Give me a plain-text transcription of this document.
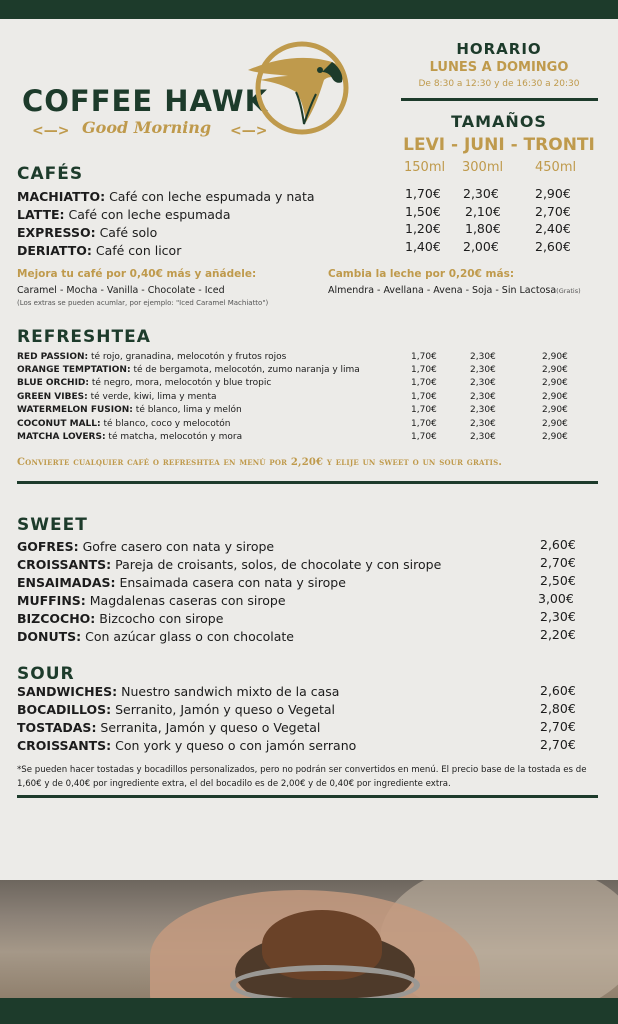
COFFEE HAWK
<—> Good Morning <—>
HORARIO
LUNES A DOMINGO
De 8:30 a 12:30 y de 16:30 a 20:30
TAMAÑOS
LEVI - JUNI - TRONTI
150ml 300ml 450ml
CAFÉS
MACHIATTO: Café con leche espumada y nata	1,70€ 2,30€	2,90€
LATTE: Café con leche espumada	1,50€ 2,10€	2,70€
EXPRESSO: Café solo	1,20€ 1,80€	2,40€
DERIATTO: Café con licor	1,40€ 2,00€	2,60€
Mejora tu café por 0,40€ más y añádele:
Caramel - Mocha - Vanilla - Chocolate - Iced
(Los extras se pueden acumlar, por ejemplo: "Iced Caramel Machiatto")
Cambia la leche por 0,20€ más:
Almendra - Avellana - Avena - Soja - Sin Lactosa(Gratis)
REFRESHTEA
RED PASSION: té rojo, granadina, melocotón y frutos rojos	1,70€	2,30€	2,90€
ORANGE TEMPTATION: té de bergamota, melocotón, zumo naranja y lima	1,70€	2,30€	2,90€
BLUE ORCHID: té negro, mora, melocotón y blue tropic	1,70€	2,30€	2,90€
GREEN VIBES: té verde, kiwi, lima y menta	1,70€	2,30€	2,90€
WATERMELON FUSION: té blanco, lima y melón	1,70€	2,30€	2,90€
COCONUT MALL: té blanco, coco y melocotón	1,70€	2,30€	2,90€
MATCHA LOVERS: té matcha, melocotón y mora	1,70€	2,30€	2,90€
Convierte cualquier café o refreshtea en menú por 2,20€ y elije un sweet o un sour gratis.
SWEET
GOFRES: Gofre casero con nata y sirope	2,60€
CROISSANTS: Pareja de croisants, solos, de chocolate y con sirope	2,70€
ENSAIMADAS: Ensaimada casera con nata y sirope	2,50€
MUFFINS: Magdalenas caseras con sirope	3,00€
BIZCOCHO: Bizcocho con sirope	2,30€
DONUTS: Con azúcar glass o con chocolate	2,20€
SOUR
SANDWICHES: Nuestro sandwich mixto de la casa	2,60€
BOCADILLOS: Serranito, Jamón y queso o Vegetal	2,80€
TOSTADAS: Serranita, Jamón y queso o Vegetal	2,70€
CROISSANTS: Con york y queso o con jamón serrano	2,70€
*Se pueden hacer tostadas y bocadillos personalizados, pero no podrán ser convertidos en menú. El precio base de la tostada es de 1,60€ y de 0,40€ por ingrediente extra, el del bocadilo es de 2,00€ y de 0,40€ por ingrediente extra.
